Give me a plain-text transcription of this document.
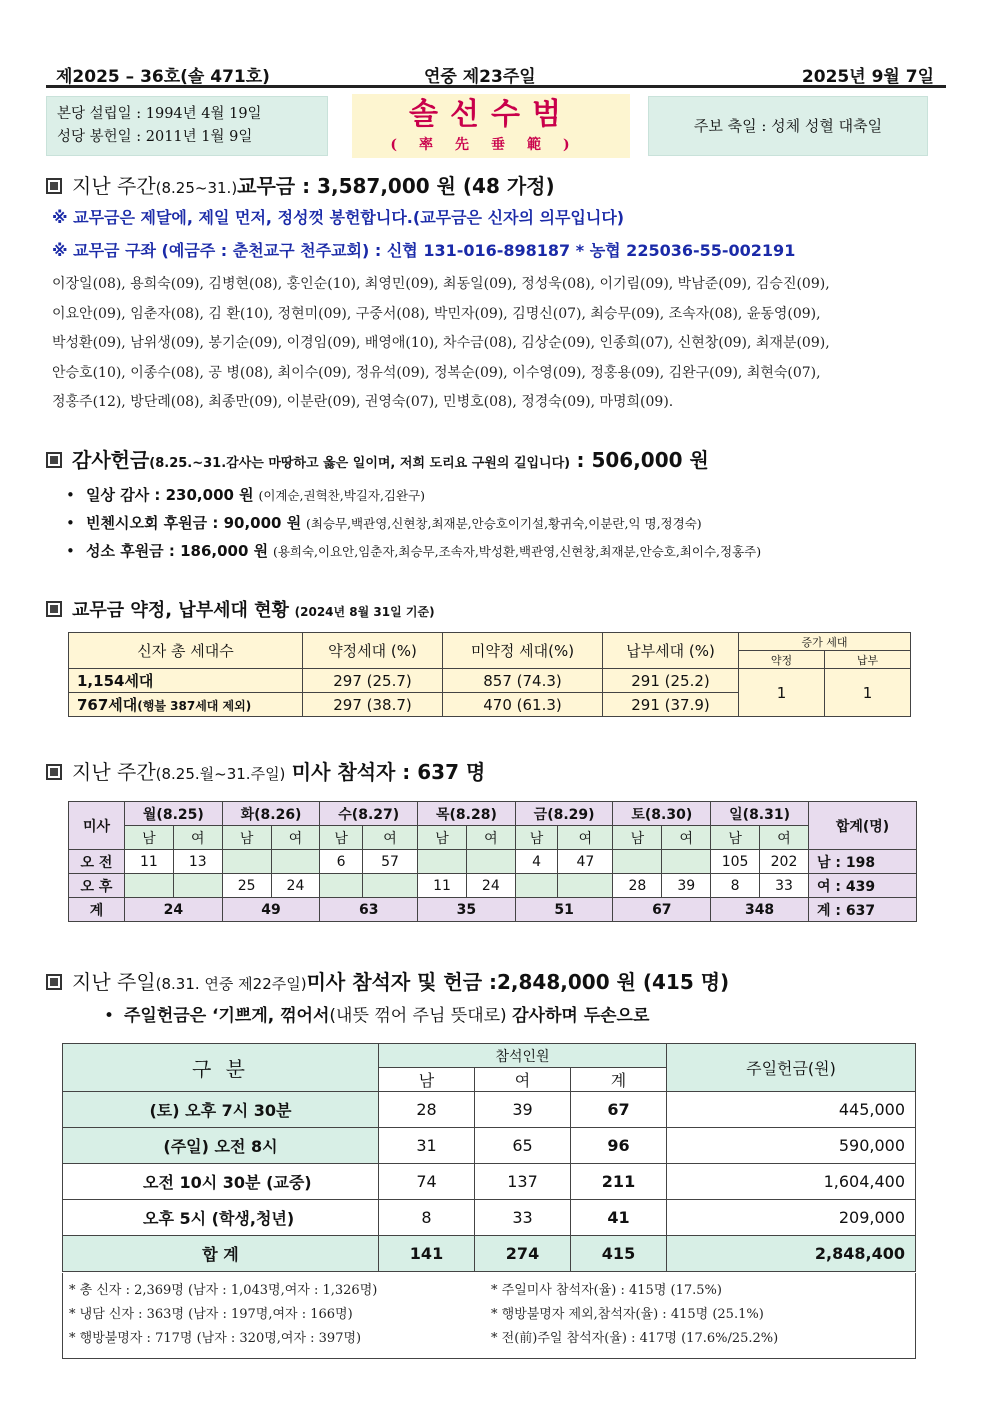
제2025 – 36호(솔 471호)	연중 제23주일	2025년 9월 7일
본당 설립일 : 1994년 4월 19일
성당 봉헌일 : 2011년 1월 9일
솔선수범
(率先垂範)
주보 축일 : 성체 성혈 대축일
지난 주간(8.25~31.)교무금 : 3,587,000 원 (48 가정)
※ 교무금은 제달에, 제일 먼저, 정성껏 봉헌합니다.(교무금은 신자의 의무입니다)
※ 교무금 구좌 (예금주 : 춘천교구 천주교회) : 신협 131-016-898187 * 농협 225036-55-002191
이장일(08), 용희숙(09), 김병현(08), 홍인순(10), 최영민(09), 최동일(09), 정성욱(08), 이기림(09), 박남준(09), 김승진(09),
이요안(09), 임춘자(08), 김 환(10), 정현미(09), 구중서(08), 박민자(09), 김명신(07), 최승무(09), 조속자(08), 윤동영(09),
박성환(09), 남위생(09), 봉기순(09), 이경임(09), 배영애(10), 차수금(08), 김상순(09), 인종희(07), 신현창(09), 최재분(09),
안승호(10), 이종수(08), 공 병(08), 최이수(09), 정유석(09), 정복순(09), 이수영(09), 정홍용(09), 김완구(09), 최현숙(07),
정홍주(12), 방단례(08), 최종만(09), 이분란(09), 권영숙(07), 민병호(08), 정경숙(09), 마명희(09).
감사헌금(8.25.~31.감사는 마땅하고 옳은 일이며, 저희 도리요 구원의 길입니다) : 506,000 원
• 일상 감사 : 230,000 원 (이계순,권혁찬,박길자,김완구)
• 빈첸시오회 후원금 : 90,000 원 (최승무,백관영,신현창,최재분,안승호이기설,황귀숙,이분란,익 명,정경숙)
• 성소 후원금 : 186,000 원 (용희숙,이요안,임춘자,최승무,조속자,박성환,백관영,신현창,최재분,안승호,최이수,정홍주)
교무금 약정, 납부세대 현황 (2024년 8월 31일 기준)
신자 총 세대수	약정세대 (%)	미약정 세대(%)	납부세대 (%)	증가 세대	
				약정	납부
1,154세대	297 (25.7)	857 (74.3)	291 (25.2)	1	1
767세대(행불 387세대 제외)	297 (38.7)	470 (61.3)	291 (37.9)		
지난 주간(8.25.월~31.주일) 미사 참석자 : 637 명
미사	월(8.25)		화(8.26)		수(8.27)		목(8.28)		금(8.29)		토(8.30)		일(8.31)		합계(명)
	남	여	남	여	남	여	남	여	남	여	남	여	남	여	
오 전	11	13			6	57			4	47			105	202	남 : 198
오 후			25	24			11	24			28	39	8	33	여 : 439
계	24		49		63		35		51		67		348		계 : 637
지난 주일(8.31. 연중 제22주일)미사 참석자 및 헌금 :2,848,000 원 (415 명)
• 주일헌금은 ‘기쁘게, 꺾어서(내뜻 꺾어 주님 뜻대로) 감사하며 두손으로
구 분	참석인원			주일헌금(원)
	남	여	계	
(토) 오후 7시 30분	28	39	67	445,000
(주일) 오전 8시	31	65	96	590,000
오전 10시 30분 (교중)	74	137	211	1,604,400
오후 5시 (학생,청년)	8	33	41	209,000
합 계	141	274	415	2,848,400
* 총 신자 : 2,369명 (남자 : 1,043명,여자 : 1,326명)
* 냉담 신자 : 363명 (남자 : 197명,여자 : 166명)
* 행방불명자 : 717명 (남자 : 320명,여자 : 397명)
* 주일미사 참석자(율) : 415명 (17.5%)
* 행방불명자 제외,참석자(율) : 415명 (25.1%)
* 전(前)주일 참석자(율) : 417명 (17.6%/25.2%)
